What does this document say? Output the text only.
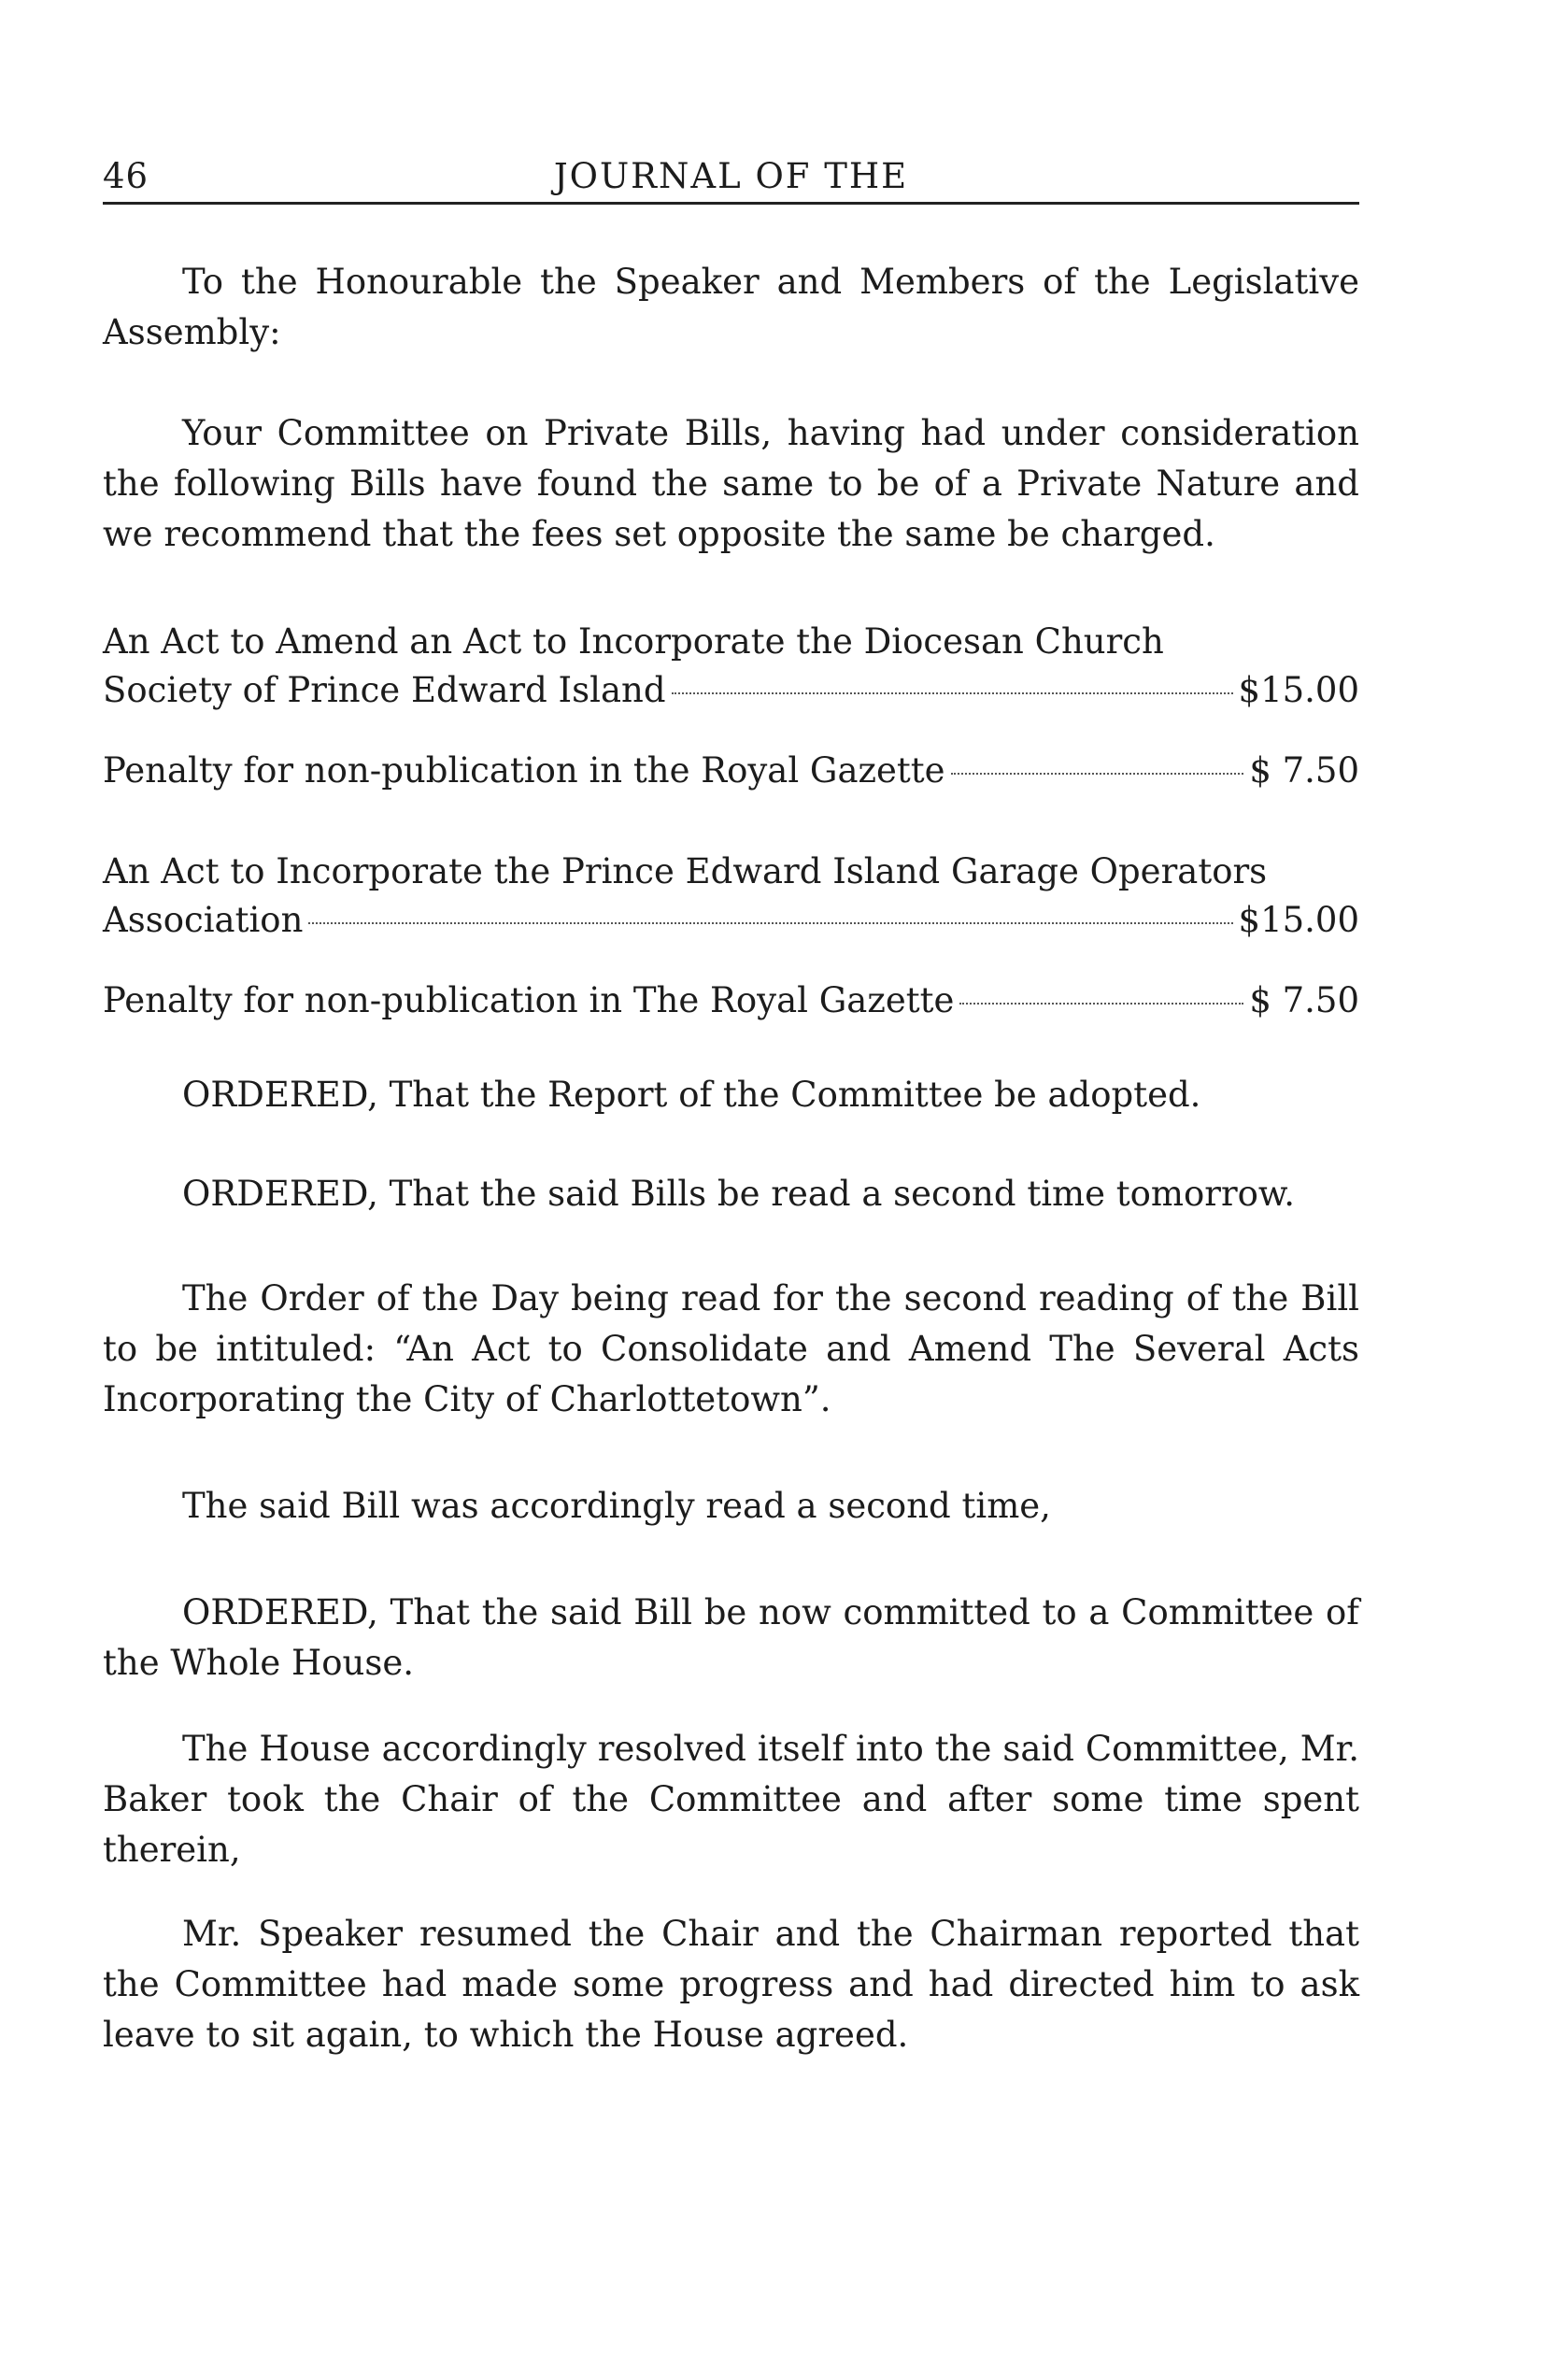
46	JOURNAL OF THE

To the Honourable the Speaker and Members of the Legislative Assembly:

Your Committee on Private Bills, having had under consideration the following Bills have found the same to be of a Private Nature and we recommend that the fees set opposite the same be charged.

An Act to Amend an Act to Incorporate the Diocesan Church

Society of Prince Edward Island	$15.00
Penalty for non-publication in the Royal Gazette	$ 7.50

An Act to Incorporate the Prince Edward Island Garage Operators

Association	$15.00
Penalty for non-publication in The Royal Gazette	$ 7.50

ORDERED, That the Report of the Committee be adopted.

ORDERED, That the said Bills be read a second time tomorrow.

The Order of the Day being read for the second reading of the Bill to be intituled: “An Act to Consolidate and Amend The Several Acts Incorporating the City of Charlottetown”.

The said Bill was accordingly read a second time,

ORDERED, That the said Bill be now committed to a Committee of the Whole House.

The House accordingly resolved itself into the said Committee, Mr. Baker took the Chair of the Committee and after some time spent therein,

Mr. Speaker resumed the Chair and the Chairman reported that the Committee had made some progress and had directed him to ask leave to sit again, to which the House agreed.
